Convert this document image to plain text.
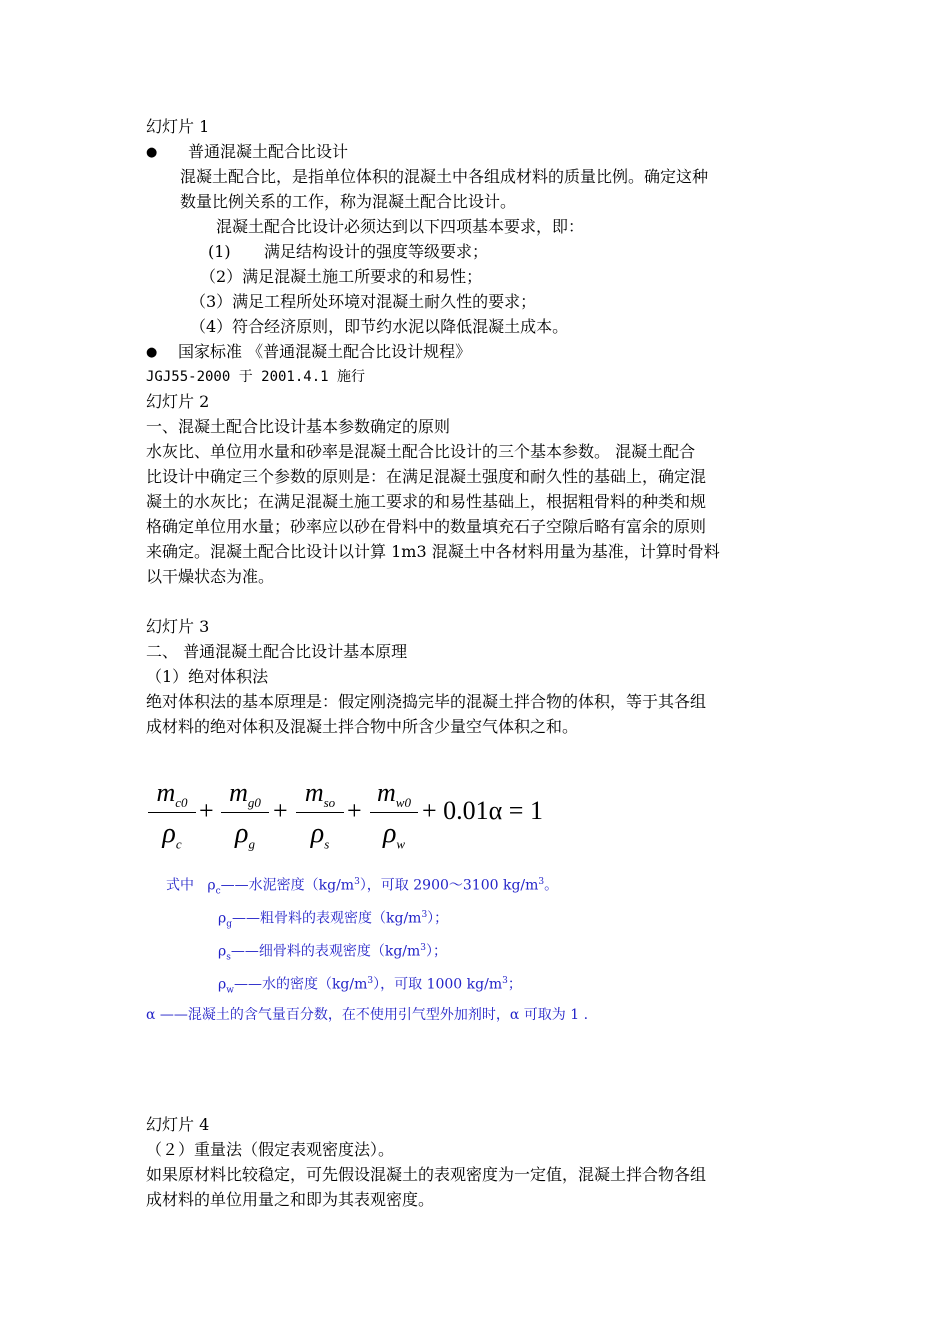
幻灯片 1
● 普通混凝土配合比设计
混凝土配合比，是指单位体积的混凝土中各组成材料的质量比例。确定这种
数量比例关系的工作，称为混凝土配合比设计。
混凝土配合比设计必须达到以下四项基本要求，即：
(1) 满足结构设计的强度等级要求；
（2）满足混凝土施工所要求的和易性；
（3）满足工程所处环境对混凝土耐久性的要求；
（4）符合经济原则，即节约水泥以降低混凝土成本。
● 国家标准 《普通混凝土配合比设计规程》
JGJ55-2000 于 2001.4.1 施行
幻灯片 2
一、混凝土配合比设计基本参数确定的原则
水灰比、单位用水量和砂率是混凝土配合比设计的三个基本参数。 混凝土配合
比设计中确定三个参数的原则是：在满足混凝土强度和耐久性的基础上，确定混
凝土的水灰比；在满足混凝土施工要求的和易性基础上，根据粗骨料的种类和规
格确定单位用水量；砂率应以砂在骨料中的数量填充石子空隙后略有富余的原则
来确定。混凝土配合比设计以计算 1m3 混凝土中各材料用量为基准，计算时骨料
以干燥状态为准。
幻灯片 3
二、 普通混凝土配合比设计基本原理
（1）绝对体积法
绝对体积法的基本原理是：假定刚浇捣完毕的混凝土拌合物的体积，等于其各组
成材料的绝对体积及混凝土拌合物中所含少量空气体积之和。
$m_{c0}$
$\rho_c$
+
$m_{g0}$
$\rho_g$
+
$m_{so}$
$\rho_s$
+
$m_{w0}$
$\rho_w$
+ 0.01α = 1
式中 $\rho_c——$水泥密度$(kg/m^3)$，可取 2900～3100 $kg/m^3$。
$\rho_g——$粗骨料的表观密度$(kg/m^3)$；
$\rho_s——$细骨料的表观密度$(kg/m^3)$；
$\rho_w——$水的密度$(kg/m^3)$，可取 1000 $kg/m^3$；
α ——混凝土的含气量百分数，在不使用引气型外加剂时，α 可取为 1 .
幻灯片 4
（２）重量法（假定表观密度法）。
如果原材料比较稳定，可先假设混凝土的表观密度为一定值，混凝土拌合物各组
成材料的单位用量之和即为其表观密度。
